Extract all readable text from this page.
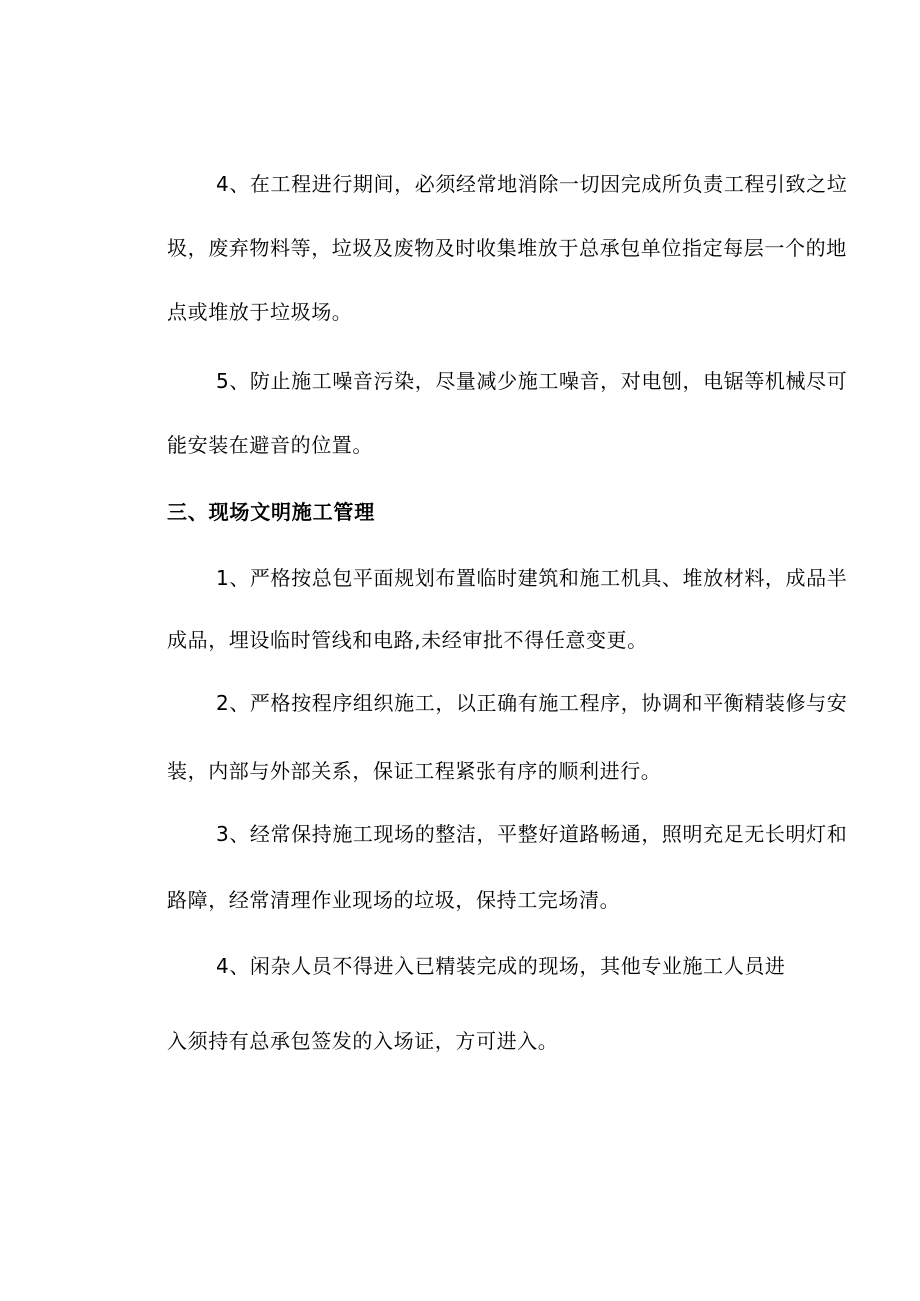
4、在工程进行期间，必须经常地消除一切因完成所负责工程引致之垃
圾，废弃物料等，垃圾及废物及时收集堆放于总承包单位指定每层一个的地
点或堆放于垃圾场。
5、防止施工噪音污染，尽量减少施工噪音，对电刨，电锯等机械尽可
能安装在避音的位置。
三、现场文明施工管理
1、严格按总包平面规划布置临时建筑和施工机具、堆放材料，成品半
成品，埋设临时管线和电路,未经审批不得任意变更。
2、严格按程序组织施工，以正确有施工程序，协调和平衡精装修与安
装，内部与外部关系，保证工程紧张有序的顺利进行。
3、经常保持施工现场的整洁，平整好道路畅通，照明充足无长明灯和
路障，经常清理作业现场的垃圾，保持工完场清。
4、闲杂人员不得进入已精装完成的现场，其他专业施工人员进
入须持有总承包签发的入场证，方可进入。
